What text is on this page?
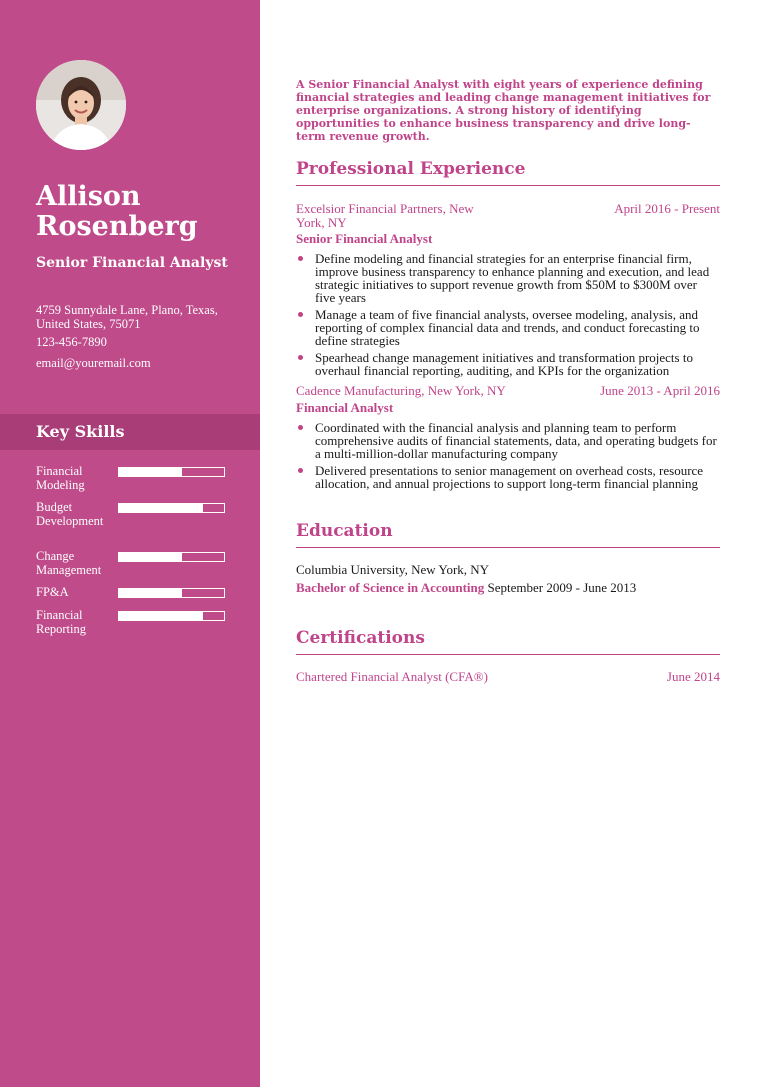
Allison
Rosenberg
Senior Financial Analyst
4759 Sunnydale Lane, Plano, Texas, United States, 75071
123-456-7890
email@youremail.com
Key Skills
Financial Modeling
Budget Development
Change Management
FP&A
Financial Reporting
A Senior Financial Analyst with eight years of experience defining financial strategies and leading change management initiatives for enterprise organizations. A strong history of identifying opportunities to enhance business transparency and drive long-term revenue growth.
Professional Experience
Excelsior Financial Partners, New York, NY
April 2016 - Present
Senior Financial Analyst
Define modeling and financial strategies for an enterprise financial firm, improve business transparency to enhance planning and execution, and lead strategic initiatives to support revenue growth from $50M to $300M over five years
Manage a team of five financial analysts, oversee modeling, analysis, and reporting of complex financial data and trends, and conduct forecasting to define strategies
Spearhead change management initiatives and transformation projects to overhaul financial reporting, auditing, and KPIs for the organization
Cadence Manufacturing, New York, NY	June 2013 - April 2016
Financial Analyst
Coordinated with the financial analysis and planning team to perform comprehensive audits of financial statements, data, and operating budgets for a multi-million-dollar manufacturing company
Delivered presentations to senior management on overhead costs, resource allocation, and annual projections to support long-term financial planning
Education
Columbia University, New York, NY
Bachelor of Science in Accounting September 2009 - June 2013
Certifications
Chartered Financial Analyst (CFA®)	June 2014
